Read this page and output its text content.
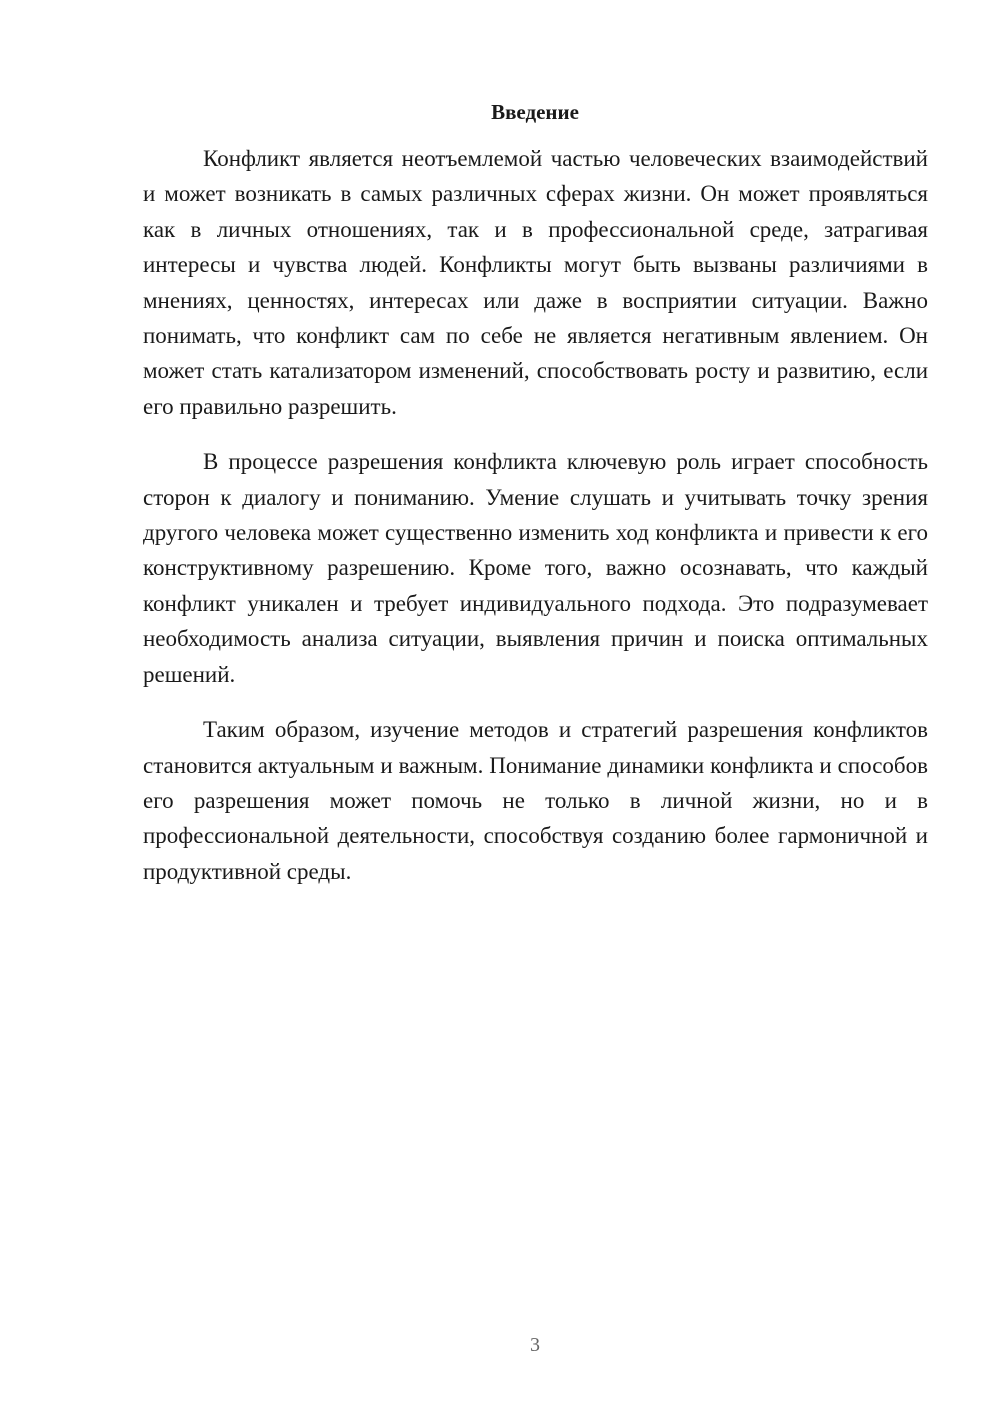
Введение

Конфликт является неотъемлемой частью человеческих взаимодействий и может возникать в самых различных сферах жизни. Он может проявляться как в личных отношениях, так и в профессиональной среде, затрагивая интересы и чувства людей. Конфликты могут быть вызваны различиями в мнениях, ценностях, интересах или даже в восприятии ситуации. Важно понимать, что конфликт сам по себе не является негативным явлением. Он может стать катализатором изменений, способствовать росту и развитию, если его правильно разрешить.

В процессе разрешения конфликта ключевую роль играет способность сторон к диалогу и пониманию. Умение слушать и учитывать точку зрения другого человека может существенно изменить ход конфликта и привести к его конструктивному разрешению. Кроме того, важно осознавать, что каждый конфликт уникален и требует индивидуального подхода. Это подразумевает необходимость анализа ситуации, выявления причин и поиска оптимальных решений.

Таким образом, изучение методов и стратегий разрешения конфликтов становится актуальным и важным. Понимание динамики конфликта и способов его разрешения может помочь не только в личной жизни, но и в профессиональной деятельности, способствуя созданию более гармоничной и продуктивной среды.

3
